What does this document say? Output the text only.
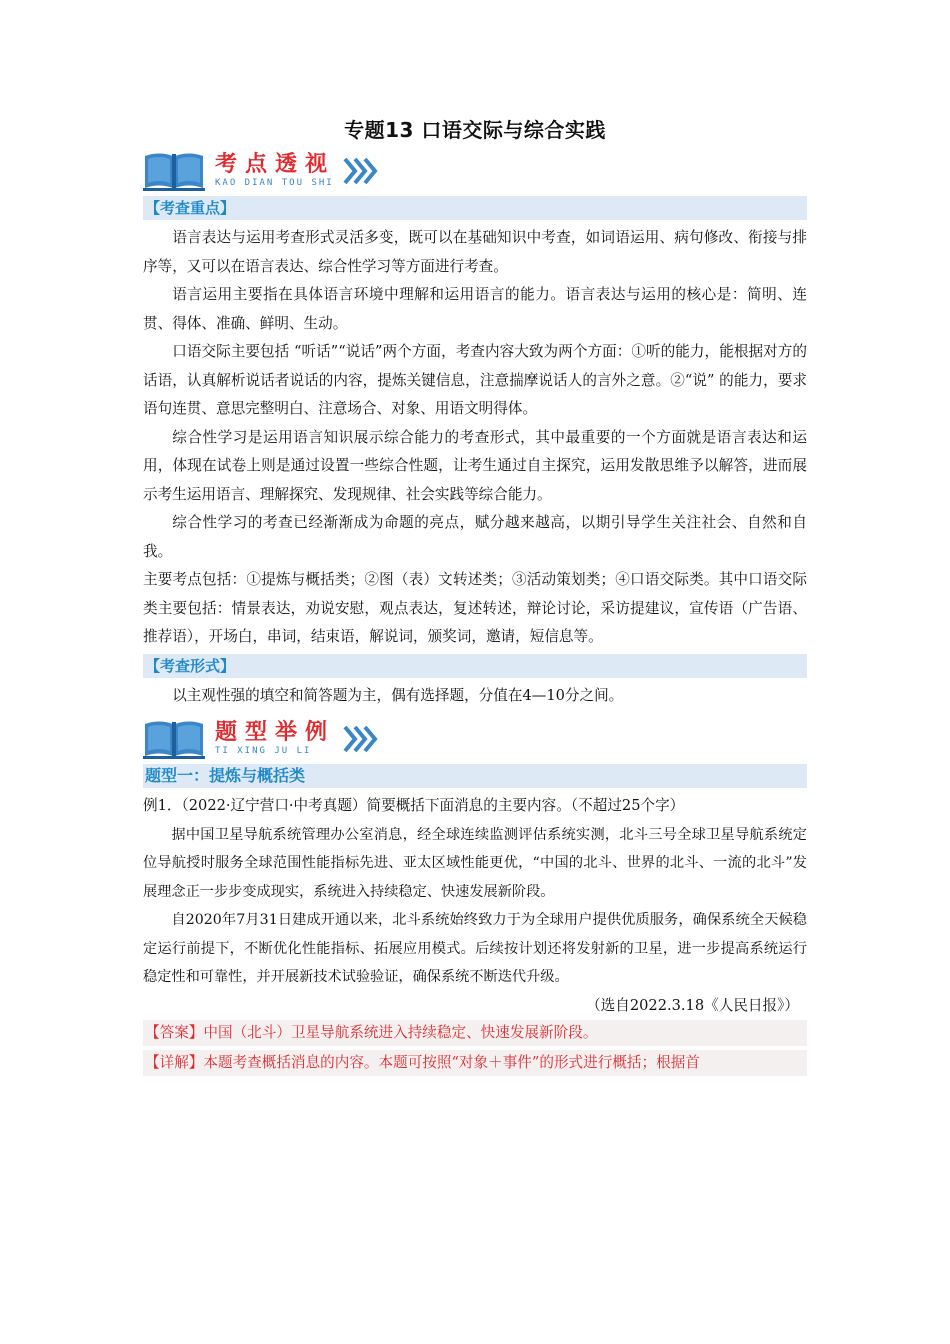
专题13 口语交际与综合实践
考点透视
KAO DIAN TOU SHI
【考查重点】

语言表达与运用考查形式灵活多变，既可以在基础知识中考查，如词语运用、病句修改、衔接与排序等，又可以在语言表达、综合性学习等方面进行考查。

语言运用主要指在具体语言环境中理解和运用语言的能力。语言表达与运用的核心是：简明、连贯、得体、准确、鲜明、生动。

口语交际主要包括 “听话”“说话”两个方面，考查内容大致为两个方面：①听的能力，能根据对方的话语，认真解析说话者说话的内容，提炼关键信息，注意揣摩说话人的言外之意。②“说” 的能力，要求语句连贯、意思完整明白、注意场合、对象、用语文明得体。

综合性学习是运用语言知识展示综合能力的考查形式，其中最重要的一个方面就是语言表达和运用，体现在试卷上则是通过设置一些综合性题，让考生通过自主探究，运用发散思维予以解答，进而展示考生运用语言、理解探究、发现规律、社会实践等综合能力。

综合性学习的考查已经渐渐成为命题的亮点，赋分越来越高，以期引导学生关注社会、自然和自我。

主要考点包括：①提炼与概括类；②图（表）文转述类；③活动策划类；④口语交际类。其中口语交际类主要包括：情景表达，劝说安慰，观点表达，复述转述，辩论讨论，采访提建议，宣传语（广告语、推荐语），开场白，串词，结束语，解说词，颁奖词，邀请，短信息等。

【考查形式】

以主观性强的填空和简答题为主，偶有选择题，分值在4—10分之间。

题型举例
TI XING JU LI
题型一：提炼与概括类

例1．（2022·辽宁营口·中考真题）简要概括下面消息的主要内容。（不超过25个字）

据中国卫星导航系统管理办公室消息，经全球连续监测评估系统实测，北斗三号全球卫星导航系统定位导航授时服务全球范围性能指标先进、亚太区域性能更优，“中国的北斗、世界的北斗、一流的北斗”发展理念正一步步变成现实，系统进入持续稳定、快速发展新阶段。

自2020年7月31日建成开通以来，北斗系统始终致力于为全球用户提供优质服务，确保系统全天候稳定运行前提下，不断优化性能指标、拓展应用模式。后续按计划还将发射新的卫星，进一步提高系统运行稳定性和可靠性，并开展新技术试验验证，确保系统不断迭代升级。

（选自2022.3.18《人民日报》）
【答案】中国（北斗）卫星导航系统进入持续稳定、快速发展新阶段。
【详解】本题考查概括消息的内容。本题可按照“对象＋事件”的形式进行概括；根据首
